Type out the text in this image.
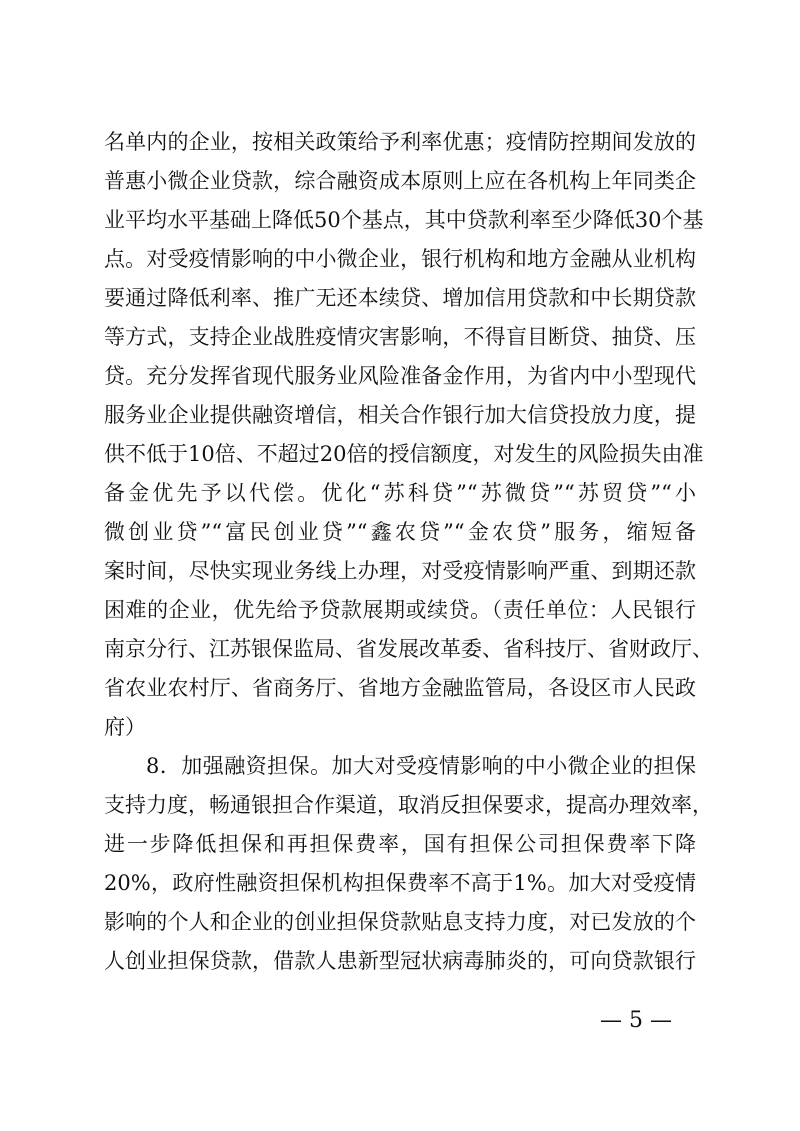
名单内的企业，按相关政策给予利率优惠；疫情防控期间发放的
普惠小微企业贷款，综合融资成本原则上应在各机构上年同类企
业平均水平基础上降低50个基点，其中贷款利率至少降低30个基
点。对受疫情影响的中小微企业，银行机构和地方金融从业机构
要通过降低利率、推广无还本续贷、增加信用贷款和中长期贷款
等方式，支持企业战胜疫情灾害影响，不得盲目断贷、抽贷、压
贷。充分发挥省现代服务业风险准备金作用，为省内中小型现代
服务业企业提供融资增信，相关合作银行加大信贷投放力度，提
供不低于10倍、不超过20倍的授信额度，对发生的风险损失由准
备金优先予以代偿。优化“苏科贷”“苏微贷”“苏贸贷”“小
微创业贷”“富民创业贷”“鑫农贷”“金农贷”服务，缩短备
案时间，尽快实现业务线上办理，对受疫情影响严重、到期还款
困难的企业，优先给予贷款展期或续贷。（责任单位：人民银行
南京分行、江苏银保监局、省发展改革委、省科技厅、省财政厅、
省农业农村厅、省商务厅、省地方金融监管局，各设区市人民政
府）
8．加强融资担保。加大对受疫情影响的中小微企业的担保
支持力度，畅通银担合作渠道，取消反担保要求，提高办理效率，
进一步降低担保和再担保费率，国有担保公司担保费率下降
20%，政府性融资担保机构担保费率不高于1%。加大对受疫情
影响的个人和企业的创业担保贷款贴息支持力度，对已发放的个
人创业担保贷款，借款人患新型冠状病毒肺炎的，可向贷款银行
— 5 —
